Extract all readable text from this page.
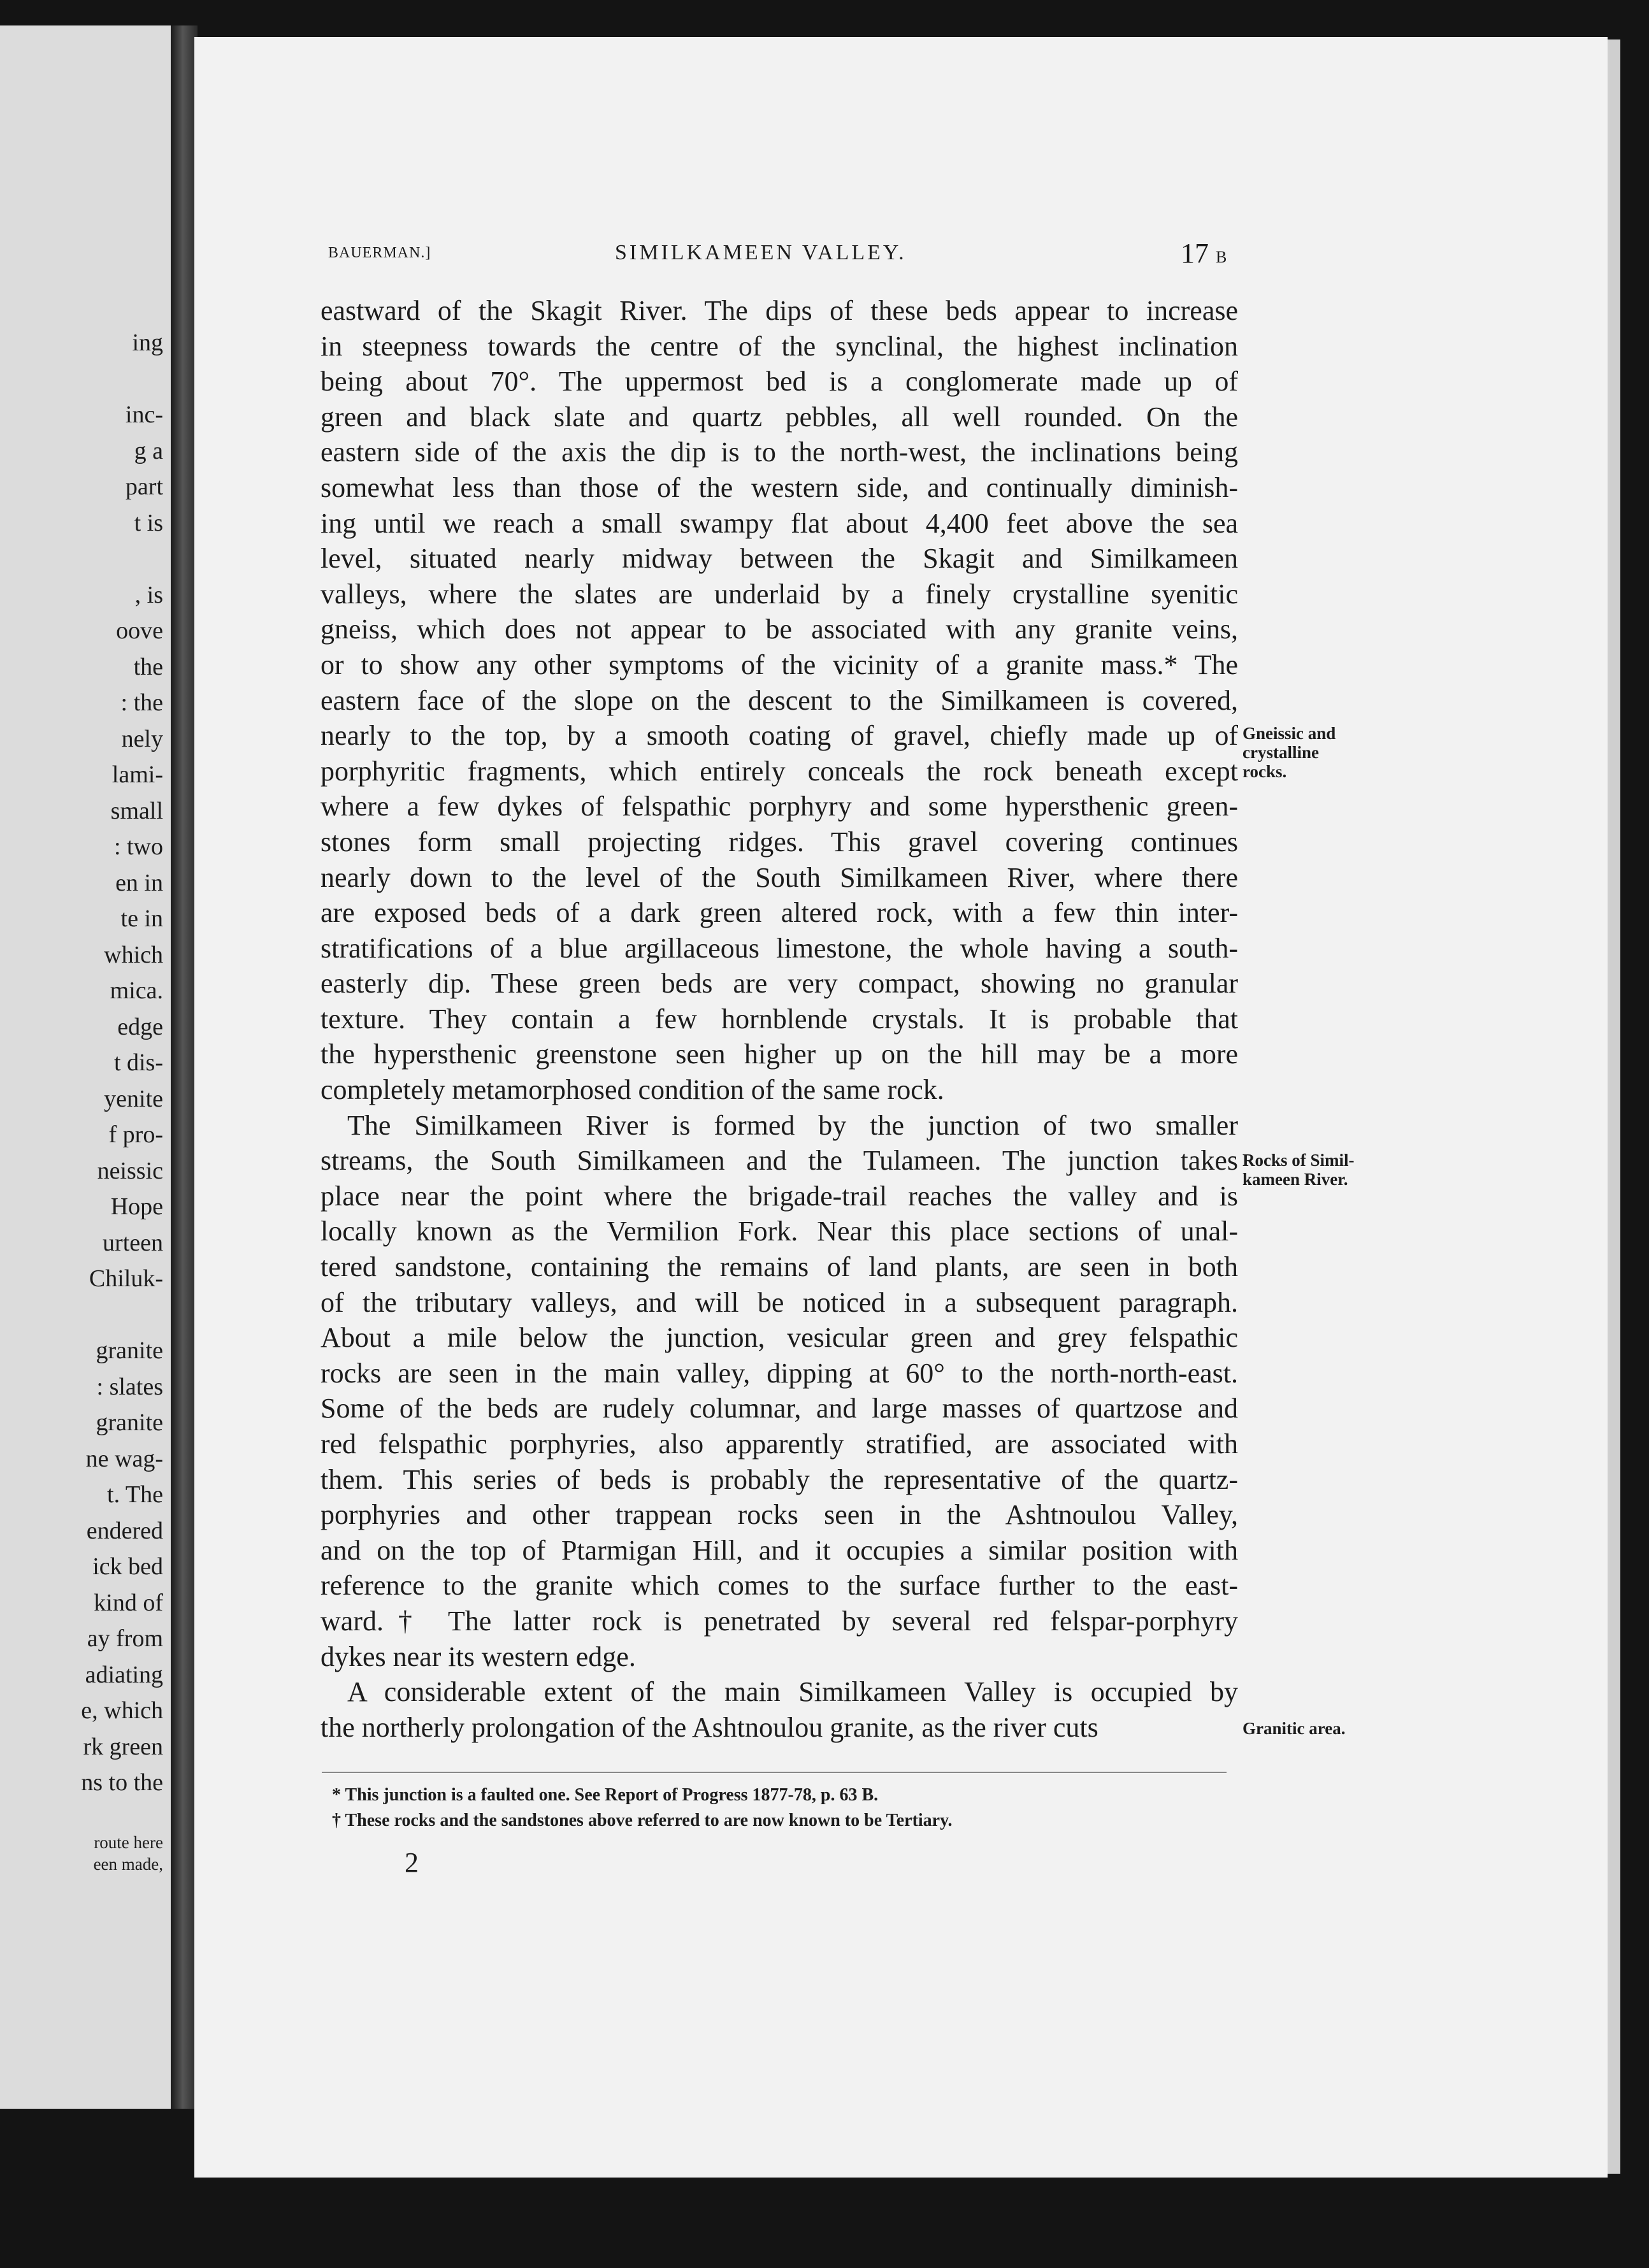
ing

inc-
g a
part
t is

, is
oove
the
: the
nely
lami-
small
: two
en in
te in
which
mica.
edge
t dis-
yenite
f pro-
neissic
Hope
urteen
Chiluk-

granite
: slates
granite
ne wag-
t. The
endered
ick bed
kind of
ay from
adiating
e, which
rk green
ns to the
route here
een made,
BAUERMAN.]	SIMILKAMEEN VALLEY.	17 B
eastward of the Skagit River. The dips of these beds appear to increase
in steepness towards the centre of the synclinal, the highest inclination
being about 70°. The uppermost bed is a conglomerate made up of
green and black slate and quartz pebbles, all well rounded. On the
eastern side of the axis the dip is to the north-west, the inclinations being
somewhat less than those of the western side, and continually diminish-
ing until we reach a small swampy flat about 4,400 feet above the sea
level, situated nearly midway between the Skagit and Similkameen
valleys, where the slates are underlaid by a finely crystalline syenitic
gneiss, which does not appear to be associated with any granite veins,
or to show any other symptoms of the vicinity of a granite mass.* The
eastern face of the slope on the descent to the Similkameen is covered,
nearly to the top, by a smooth coating of gravel, chiefly made up of
porphyritic fragments, which entirely conceals the rock beneath except
where a few dykes of felspathic porphyry and some hypersthenic green-
stones form small projecting ridges. This gravel covering continues
nearly down to the level of the South Similkameen River, where there
are exposed beds of a dark green altered rock, with a few thin inter-
stratifications of a blue argillaceous limestone, the whole having a south-
easterly dip. These green beds are very compact, showing no granular
texture. They contain a few hornblende crystals. It is probable that
the hypersthenic greenstone seen higher up on the hill may be a more
completely metamorphosed condition of the same rock.
The Similkameen River is formed by the junction of two smaller
streams, the South Similkameen and the Tulameen. The junction takes
place near the point where the brigade-trail reaches the valley and is
locally known as the Vermilion Fork. Near this place sections of unal-
tered sandstone, containing the remains of land plants, are seen in both
of the tributary valleys, and will be noticed in a subsequent paragraph.
About a mile below the junction, vesicular green and grey felspathic
rocks are seen in the main valley, dipping at 60° to the north-north-east.
Some of the beds are rudely columnar, and large masses of quartzose and
red felspathic porphyries, also apparently stratified, are associated with
them. This series of beds is probably the representative of the quartz-
porphyries and other trappean rocks seen in the Ashtnoulou Valley,
and on the top of Ptarmigan Hill, and it occupies a similar position with
reference to the granite which comes to the surface further to the east-
ward.† The latter rock is penetrated by several red felspar-porphyry
dykes near its western edge.
A considerable extent of the main Similkameen Valley is occupied by
the northerly prolongation of the Ashtnoulou granite, as the river cuts
Gneissic and
crystalline
rocks.
Rocks of Simil-
kameen River.
Granitic area.
* This junction is a faulted one. See Report of Progress 1877-78, p. 63 B.
† These rocks and the sandstones above referred to are now known to be Tertiary.
2
